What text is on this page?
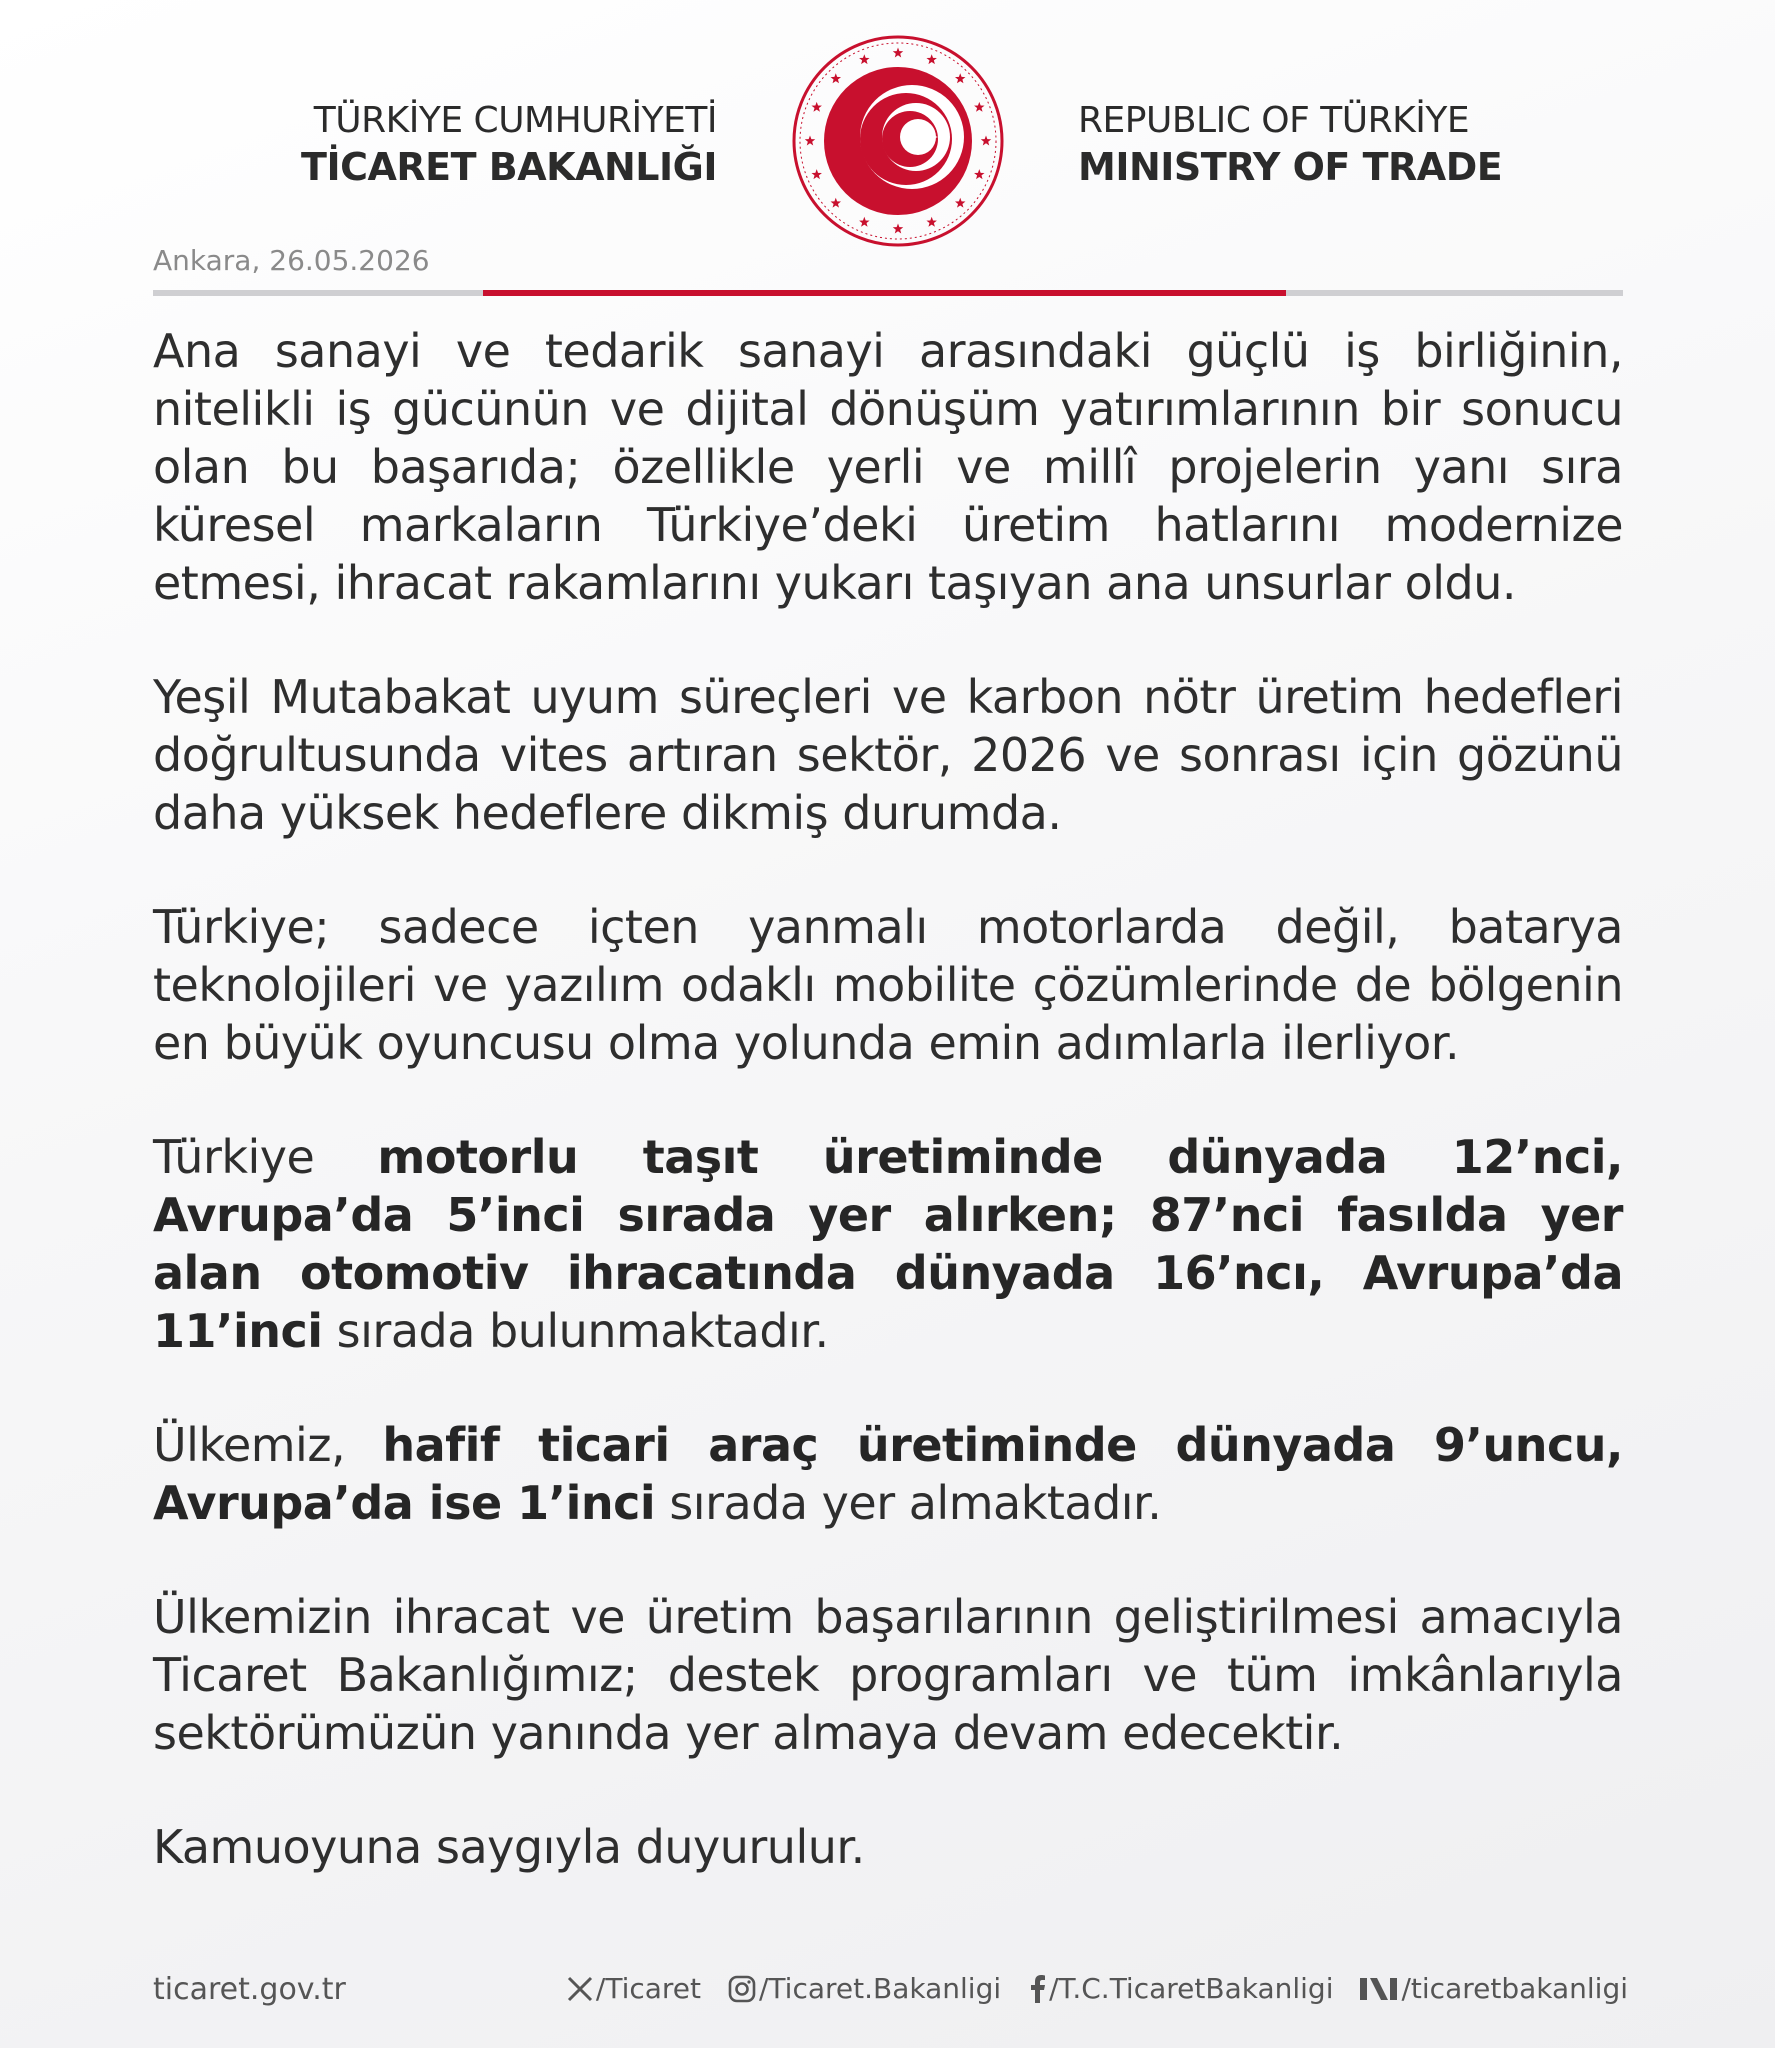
TÜRKİYE CUMHURİYETİ
TİCARET BAKANLIĞI
REPUBLIC OF TÜRKİYE
MINISTRY OF TRADE
Ankara, 26.05.2026

Ana sanayi ve tedarik sanayi arasındaki güçlü iş birliğinin, nitelikli iş gücünün ve dijital dönüşüm yatırımlarının bir sonucu olan bu başarıda; özellikle yerli ve millî projelerin yanı sıra küresel markaların Türkiye’deki üretim hatlarını modernize etmesi, ihracat rakamlarını yukarı taşıyan ana unsurlar oldu.

Yeşil Mutabakat uyum süreçleri ve karbon nötr üretim hedefleri doğrultusunda vites artıran sektör, 2026 ve sonrası için gözünü daha yüksek hedeflere dikmiş durumda.

Türkiye; sadece içten yanmalı motorlarda değil, batarya teknolojileri ve yazılım odaklı mobilite çözümlerinde de bölgenin en büyük oyuncusu olma yolunda emin adımlarla ilerliyor.

Türkiye motorlu taşıt üretiminde dünyada 12’nci, Avrupa’da 5’inci sırada yer alırken; 87’nci fasılda yer alan otomotiv ihracatında dünyada 16’ncı, Avrupa’da 11’inci sırada bulunmaktadır.

Ülkemiz, hafif ticari araç üretiminde dünyada 9’uncu, Avrupa’da ise 1’inci sırada yer almaktadır.

Ülkemizin ihracat ve üretim başarılarının geliştirilmesi amacıyla Ticaret Bakanlığımız; destek programları ve tüm imkânlarıyla sektörümüzün yanında yer almaya devam edecektir.

Kamuoyuna saygıyla duyurulur.

ticaret.gov.tr	/Ticaret /Ticaret.Bakanligi /T.C.TicaretBakanligi /ticaretbakanligi
